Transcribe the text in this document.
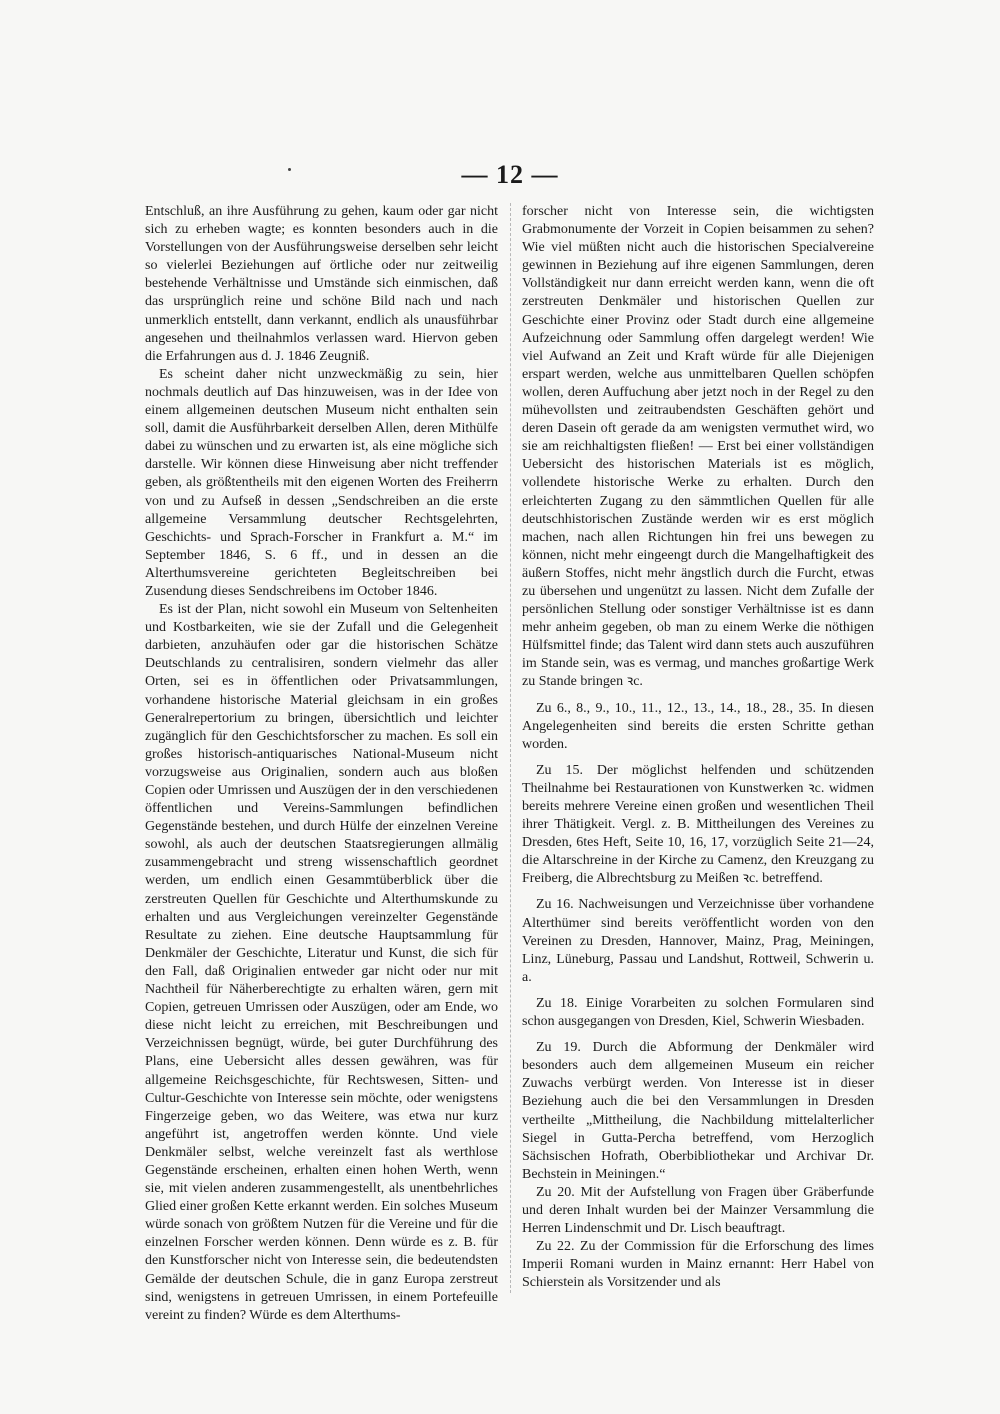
— 12 —

Entschluß, an ihre Ausführung zu gehen, kaum oder gar nicht sich zu erheben wagte; es konnten besonders auch in die Vorstellungen von der Ausführungsweise derselben sehr leicht so vielerlei Beziehungen auf örtliche oder nur zeitweilig bestehende Verhältnisse und Umstände sich einmischen, daß das ursprünglich reine und schöne Bild nach und nach unmerklich entstellt, dann verkannt, endlich als unausführbar angesehen und theilnahmlos verlassen ward. Hiervon geben die Erfahrungen aus d. J. 1846 Zeugniß.

Es scheint daher nicht unzweckmäßig zu sein, hier nochmals deutlich auf Das hinzuweisen, was in der Idee von einem allgemeinen deutschen Museum nicht enthalten sein soll, damit die Ausführbarkeit derselben Allen, deren Mithülfe dabei zu wünschen und zu erwarten ist, als eine mögliche sich darstelle. Wir können diese Hinweisung aber nicht treffender geben, als größtentheils mit den eigenen Worten des Freiherrn von und zu Aufseß in dessen „Sendschreiben an die erste allgemeine Versammlung deutscher Rechtsgelehrten, Geschichts- und Sprach-Forscher in Frankfurt a. M.“ im September 1846, S. 6 ff., und in dessen an die Alterthumsvereine gerichteten Begleitschreiben bei Zusendung dieses Sendschreibens im October 1846.

Es ist der Plan, nicht sowohl ein Museum von Seltenheiten und Kostbarkeiten, wie sie der Zufall und die Gelegenheit darbieten, anzuhäufen oder gar die historischen Schätze Deutschlands zu centralisiren, sondern vielmehr das aller Orten, sei es in öffentlichen oder Privatsammlungen, vorhandene historische Material gleichsam in ein großes Generalrepertorium zu bringen, übersichtlich und leichter zugänglich für den Geschichtsforscher zu machen. Es soll ein großes historisch-antiquarisches National-Museum nicht vorzugsweise aus Originalien, sondern auch aus bloßen Copien oder Umrissen und Auszügen der in den verschiedenen öffentlichen und Vereins-Sammlungen befindlichen Gegenstände bestehen, und durch Hülfe der einzelnen Vereine sowohl, als auch der deutschen Staatsregierungen allmälig zusammengebracht und streng wissenschaftlich geordnet werden, um endlich einen Gesammtüberblick über die zerstreuten Quellen für Geschichte und Alterthumskunde zu erhalten und aus Vergleichungen vereinzelter Gegenstände Resultate zu ziehen. Eine deutsche Hauptsammlung für Denkmäler der Geschichte, Literatur und Kunst, die sich für den Fall, daß Originalien entweder gar nicht oder nur mit Nachtheil für Näherberechtigte zu erhalten wären, gern mit Copien, getreuen Umrissen oder Auszügen, oder am Ende, wo diese nicht leicht zu erreichen, mit Beschreibungen und Verzeichnissen begnügt, würde, bei guter Durchführung des Plans, eine Uebersicht alles dessen gewähren, was für allgemeine Reichsgeschichte, für Rechtswesen, Sitten- und Cultur-Geschichte von Interesse sein möchte, oder wenigstens Fingerzeige geben, wo das Weitere, was etwa nur kurz angeführt ist, angetroffen werden könnte. Und viele Denkmäler selbst, welche vereinzelt fast als werthlose Gegenstände erscheinen, erhalten einen hohen Werth, wenn sie, mit vielen anderen zusammengestellt, als unentbehrliches Glied einer großen Kette erkannt werden. Ein solches Museum würde sonach von größtem Nutzen für die Vereine und für die einzelnen Forscher werden können. Denn würde es z. B. für den Kunstforscher nicht von Interesse sein, die bedeutendsten Gemälde der deutschen Schule, die in ganz Europa zerstreut sind, wenigstens in getreuen Umrissen, in einem Portefeuille vereint zu finden? Würde es dem Alterthums-

forscher nicht von Interesse sein, die wichtigsten Grabmonumente der Vorzeit in Copien beisammen zu sehen? Wie viel müßten nicht auch die historischen Specialvereine gewinnen in Beziehung auf ihre eigenen Sammlungen, deren Vollständigkeit nur dann erreicht werden kann, wenn die oft zerstreuten Denkmäler und historischen Quellen zur Geschichte einer Provinz oder Stadt durch eine allgemeine Aufzeichnung oder Sammlung offen dargelegt werden! Wie viel Aufwand an Zeit und Kraft würde für alle Diejenigen erspart werden, welche aus unmittelbaren Quellen schöpfen wollen, deren Auffuchung aber jetzt noch in der Regel zu den mühevollsten und zeitraubendsten Geschäften gehört und deren Dasein oft gerade da am wenigsten vermuthet wird, wo sie am reichhaltigsten fließen! — Erst bei einer vollständigen Uebersicht des historischen Materials ist es möglich, vollendete historische Werke zu erhalten. Durch den erleichterten Zugang zu den sämmtlichen Quellen für alle deutschhistorischen Zustände werden wir es erst möglich machen, nach allen Richtungen hin frei uns bewegen zu können, nicht mehr eingeengt durch die Mangelhaftigkeit des äußern Stoffes, nicht mehr ängstlich durch die Furcht, etwas zu übersehen und ungenützt zu lassen. Nicht dem Zufalle der persönlichen Stellung oder sonstiger Verhältnisse ist es dann mehr anheim gegeben, ob man zu einem Werke die nöthigen Hülfsmittel finde; das Talent wird dann stets auch auszuführen im Stande sein, was es vermag, und manches großartige Werk zu Stande bringen ꝛc.

Zu 6., 8., 9., 10., 11., 12., 13., 14., 18., 28., 35. In diesen Angelegenheiten sind bereits die ersten Schritte gethan worden.

Zu 15. Der möglichst helfenden und schützenden Theilnahme bei Restaurationen von Kunstwerken ꝛc. widmen bereits mehrere Vereine einen großen und wesentlichen Theil ihrer Thätigkeit. Vergl. z. B. Mittheilungen des Vereines zu Dresden, 6tes Heft, Seite 10, 16, 17, vorzüglich Seite 21—24, die Altarschreine in der Kirche zu Camenz, den Kreuzgang zu Freiberg, die Albrechtsburg zu Meißen ꝛc. betreffend.

Zu 16. Nachweisungen und Verzeichnisse über vorhandene Alterthümer sind bereits veröffentlicht worden von den Vereinen zu Dresden, Hannover, Mainz, Prag, Meiningen, Linz, Lüneburg, Passau und Landshut, Rottweil, Schwerin u. a.

Zu 18. Einige Vorarbeiten zu solchen Formularen sind schon ausgegangen von Dresden, Kiel, Schwerin Wiesbaden.

Zu 19. Durch die Abformung der Denkmäler wird besonders auch dem allgemeinen Museum ein reicher Zuwachs verbürgt werden. Von Interesse ist in dieser Beziehung auch die bei den Versammlungen in Dresden vertheilte „Mittheilung, die Nachbildung mittelalterlicher Siegel in Gutta-Percha betreffend, vom Herzoglich Sächsischen Hofrath, Oberbibliothekar und Archivar Dr. Bechstein in Meiningen.“

Zu 20. Mit der Aufstellung von Fragen über Gräberfunde und deren Inhalt wurden bei der Mainzer Versammlung die Herren Lindenschmit und Dr. Lisch beauftragt.

Zu 22. Zu der Commission für die Erforschung des limes Imperii Romani wurden in Mainz ernannt: Herr Habel von Schierstein als Vorsitzender und als
